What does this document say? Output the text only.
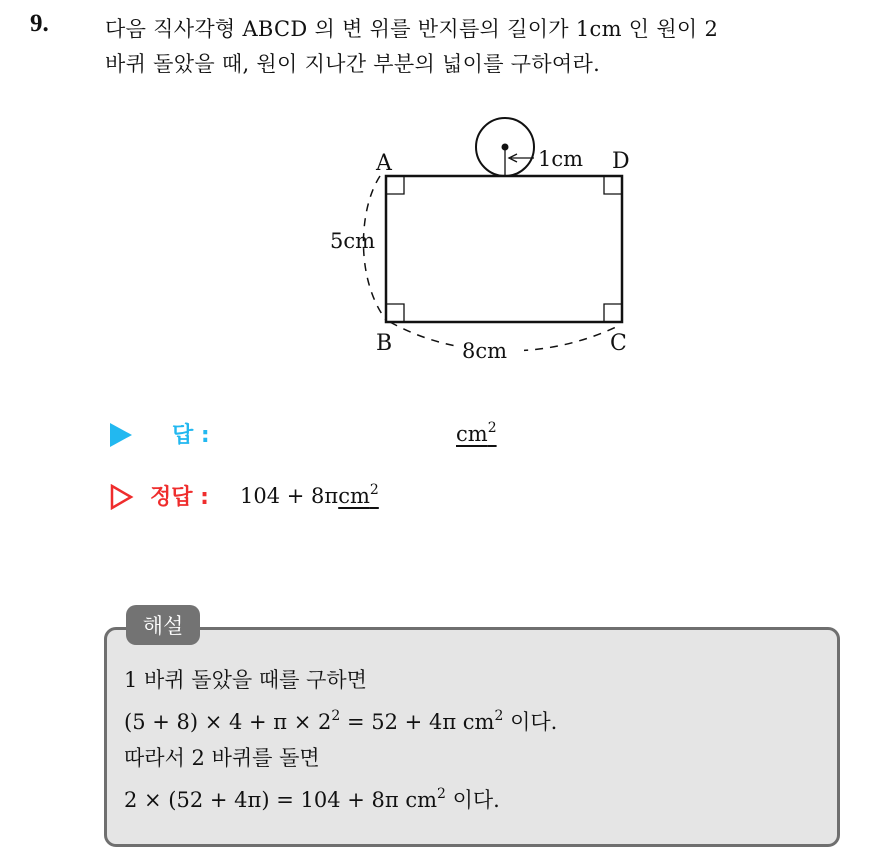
9.	다음 직사각형 ABCD 의 변 위를 반지름의 길이가 1cm 인 원이 2
바퀴 돌았을 때, 원이 지나간 부분의 넓이를 구하여라.
A	D
B	C
1cm
5cm
8cm
답 :	$cm^2$
정답 : 104 + 8πcm$^2$
해설
1 바퀴 돌았을 때를 구하면
$(5 + 8) \times 4 + \pi \times 2^2 = 52 + 4\pi$ $cm^2$ 이다.
따라서 2 바퀴를 돌면
2 × (52 + 4π) = 104 + 8π $cm^2$ 이다.
